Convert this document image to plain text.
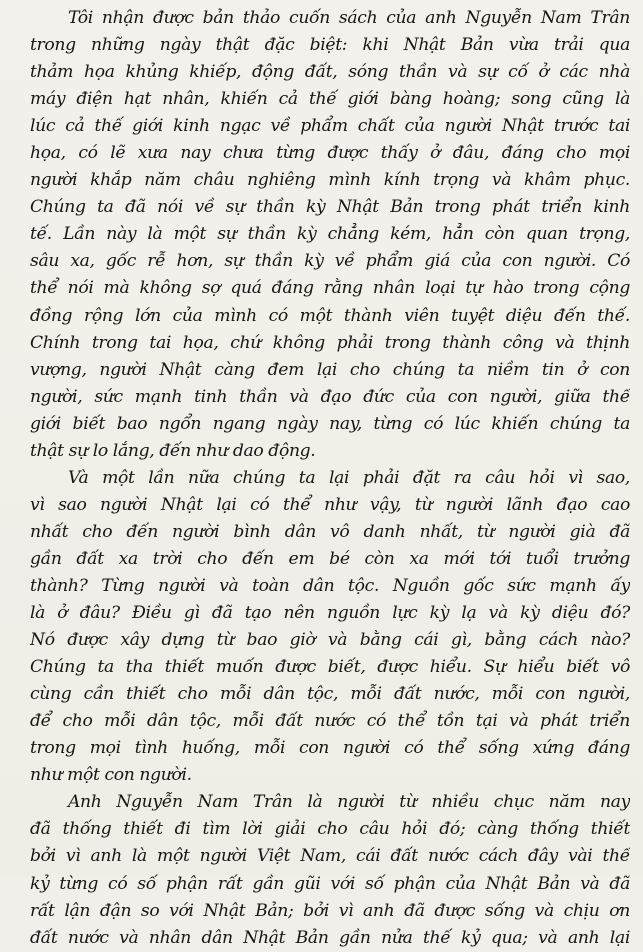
Tôi nhận được bản thảo cuốn sách của anh Nguyễn Nam Trân
trong những ngày thật đặc biệt: khi Nhật Bản vừa trải qua
thảm họa khủng khiếp, động đất, sóng thần và sự cố ở các nhà
máy điện hạt nhân, khiến cả thế giới bàng hoàng; song cũng là
lúc cả thế giới kinh ngạc về phẩm chất của người Nhật trước tai
họa, có lẽ xưa nay chưa từng được thấy ở đâu, đáng cho mọi
người khắp năm châu nghiêng mình kính trọng và khâm phục.
Chúng ta đã nói về sự thần kỳ Nhật Bản trong phát triển kinh
tế. Lần này là một sự thần kỳ chẳng kém, hẳn còn quan trọng,
sâu xa, gốc rễ hơn, sự thần kỳ về phẩm giá của con người. Có
thể nói mà không sợ quá đáng rằng nhân loại tự hào trong cộng
đồng rộng lớn của mình có một thành viên tuyệt diệu đến thế.
Chính trong tai họa, chứ không phải trong thành công và thịnh
vượng, người Nhật càng đem lại cho chúng ta niềm tin ở con
người, sức mạnh tinh thần và đạo đức của con người, giữa thế
giới biết bao ngổn ngang ngày nay, từng có lúc khiến chúng ta
thật sự lo lắng, đến như dao động.
Và một lần nữa chúng ta lại phải đặt ra câu hỏi vì sao,
vì sao người Nhật lại có thể như vậy, từ người lãnh đạo cao
nhất cho đến người bình dân vô danh nhất, từ người già đã
gần đất xa trời cho đến em bé còn xa mới tới tuổi trưởng
thành? Từng người và toàn dân tộc. Nguồn gốc sức mạnh ấy
là ở đâu? Điều gì đã tạo nên nguồn lực kỳ lạ và kỳ diệu đó?
Nó được xây dựng từ bao giờ và bằng cái gì, bằng cách nào?
Chúng ta tha thiết muốn được biết, được hiểu. Sự hiểu biết vô
cùng cần thiết cho mỗi dân tộc, mỗi đất nước, mỗi con người,
để cho mỗi dân tộc, mỗi đất nước có thể tồn tại và phát triển
trong mọi tình huống, mỗi con người có thể sống xứng đáng
như một con người.
Anh Nguyễn Nam Trân là người từ nhiều chục năm nay
đã thống thiết đi tìm lời giải cho câu hỏi đó; càng thống thiết
bởi vì anh là một người Việt Nam, cái đất nước cách đây vài thế
kỷ từng có số phận rất gần gũi với số phận của Nhật Bản và đã
rất lận đận so với Nhật Bản; bởi vì anh đã được sống và chịu ơn
đất nước và nhân dân Nhật Bản gần nửa thế kỷ qua; và anh lại
